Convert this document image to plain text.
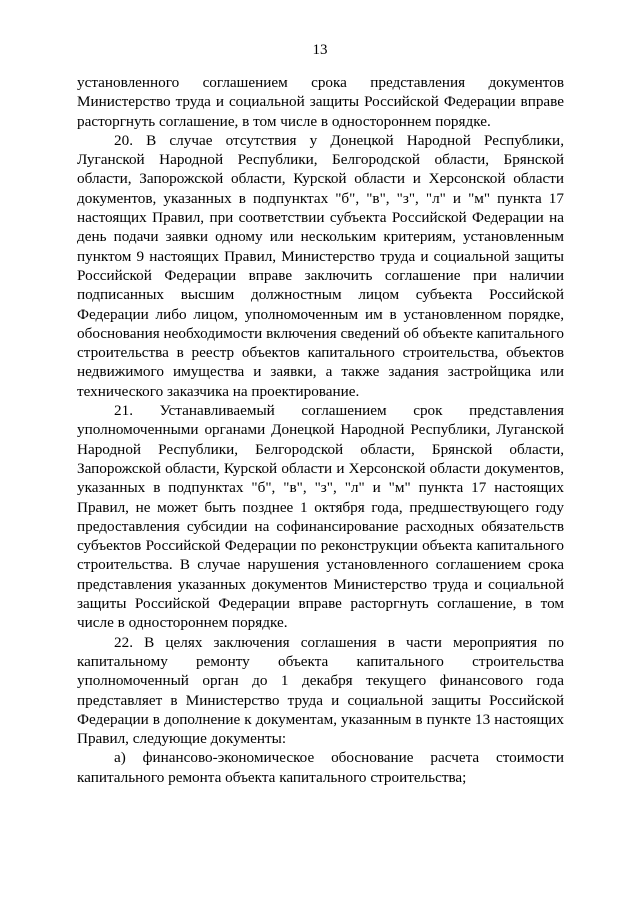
13

установленного соглашением срока представления документов Министерство труда и социальной защиты Российской Федерации вправе расторгнуть соглашение, в том числе в одностороннем порядке.

20. В случае отсутствия у Донецкой Народной Республики, Луганской Народной Республики, Белгородской области, Брянской области, Запорожской области, Курской области и Херсонской области документов, указанных в подпунктах "б", "в", "з", "л" и "м" пункта 17 настоящих Правил, при соответствии субъекта Российской Федерации на день подачи заявки одному или нескольким критериям, установленным пунктом 9 настоящих Правил, Министерство труда и социальной защиты Российской Федерации вправе заключить соглашение при наличии подписанных высшим должностным лицом субъекта Российской Федерации либо лицом, уполномоченным им в установленном порядке, обоснования необходимости включения сведений об объекте капитального строительства в реестр объектов капитального строительства, объектов недвижимого имущества и заявки, а также задания застройщика или технического заказчика на проектирование.

21. Устанавливаемый соглашением срок представления уполномоченными органами Донецкой Народной Республики, Луганской Народной Республики, Белгородской области, Брянской области, Запорожской области, Курской области и Херсонской области документов, указанных в подпунктах "б", "в", "з", "л" и "м" пункта 17 настоящих Правил, не может быть позднее 1 октября года, предшествующего году предоставления субсидии на софинансирование расходных обязательств субъектов Российской Федерации по реконструкции объекта капитального строительства. В случае нарушения установленного соглашением срока представления указанных документов Министерство труда и социальной защиты Российской Федерации вправе расторгнуть соглашение, в том числе в одностороннем порядке.

22. В целях заключения соглашения в части мероприятия по капитальному ремонту объекта капитального строительства уполномоченный орган до 1 декабря текущего финансового года представляет в Министерство труда и социальной защиты Российской Федерации в дополнение к документам, указанным в пункте 13 настоящих Правил, следующие документы:

а) финансово-экономическое обоснование расчета стоимости капитального ремонта объекта капитального строительства;
